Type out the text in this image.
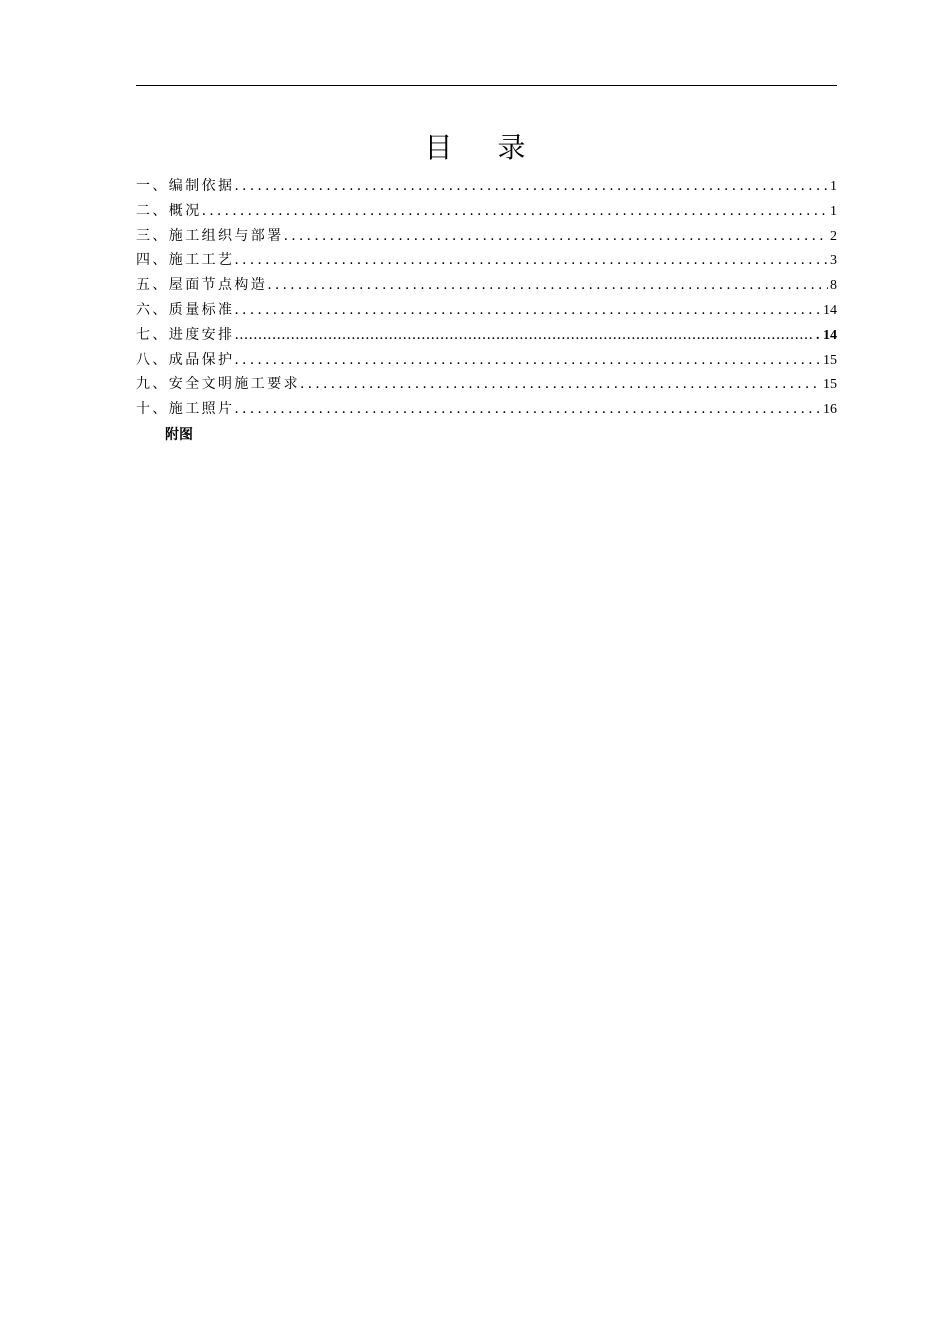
目 录
一、编制依据 .....	1
二、概况 .....	1
三、施工组织与部署 .....	2
四、施工工艺 .....	3
五、屋面节点构造 .....	8
六、质量标准 .....	14
七、进度安排 ……………………………………………………………………………………………………………………………………………………………………………………	. 14
八、成品保护 .....	15
九、安全文明施工要求 .....	15
十、施工照片 .....	16
附图
